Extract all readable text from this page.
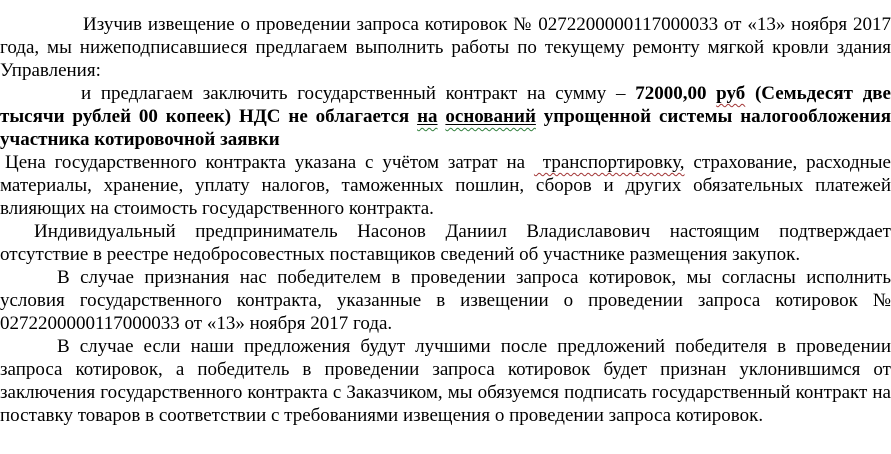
Изучив извещение о проведении запроса котировок № 0272200000117000033 от «13» ноября 2017 года, мы нижеподписавшиеся предлагаем выполнить работы по текущему ремонту мягкой кровли здания Управления:

и предлагаем заключить государственный контракт на сумму – 72000,00 руб (Семьдесят две тысячи рублей 00 копеек) НДС не облагается на оснований упрощенной системы налогообложения участника котировочной заявки

Цена государственного контракта указана с учётом затрат на  транспортировку, страхование, расходные материалы, хранение, уплату налогов, таможенных пошлин, сборов и других обязательных платежей влияющих на стоимость государственного контракта.

Индивидуальный предприниматель Насонов Даниил Владиславович настоящим подтверждает отсутствие в реестре недобросовестных поставщиков сведений об участнике размещения закупок.

В случае признания нас победителем в проведении запроса котировок, мы согласны исполнить условия государственного контракта, указанные в извещении о проведении запроса котировок № 0272200000117000033 от «13» ноября 2017 года.

В случае если наши предложения будут лучшими после предложений победителя в проведении запроса котировок, а победитель в проведении запроса котировок будет признан уклонившимся от заключения государственного контракта с Заказчиком, мы обязуемся подписать государственный контракт на поставку товаров в соответствии с требованиями извещения о проведении запроса котировок.
